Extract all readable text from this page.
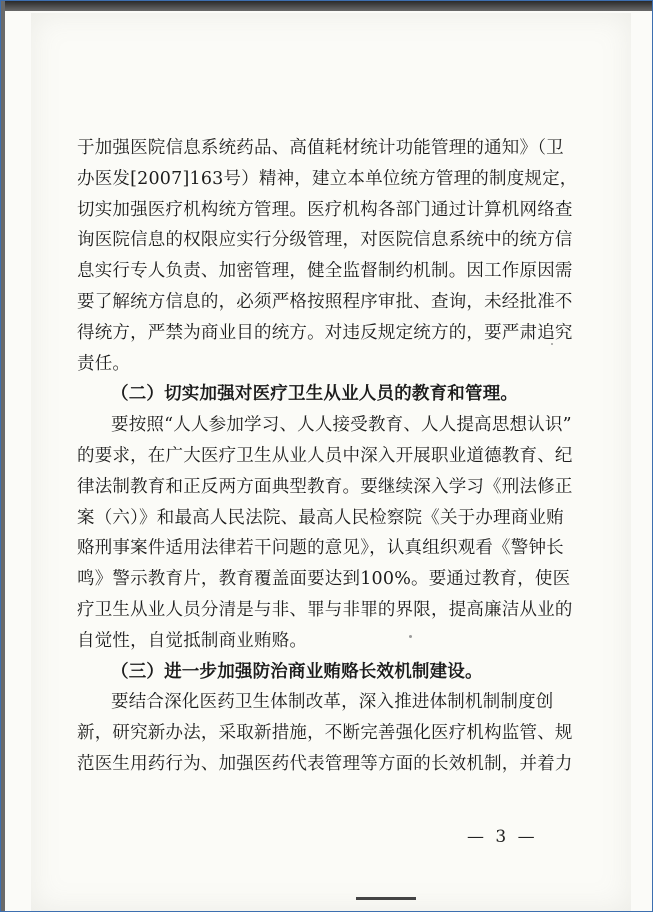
于加强医院信息系统药品、高值耗材统计功能管理的通知》（卫
办医发[2007]163号）精神，建立本单位统方管理的制度规定，
切实加强医疗机构统方管理。医疗机构各部门通过计算机网络查
询医院信息的权限应实行分级管理，对医院信息系统中的统方信
息实行专人负责、加密管理，健全监督制约机制。因工作原因需
要了解统方信息的，必须严格按照程序审批、查询，未经批准不
得统方，严禁为商业目的统方。对违反规定统方的，要严肃追究
责任。
（二）切实加强对医疗卫生从业人员的教育和管理。
要按照“人人参加学习、人人接受教育、人人提高思想认识”
的要求，在广大医疗卫生从业人员中深入开展职业道德教育、纪
律法制教育和正反两方面典型教育。要继续深入学习《刑法修正
案（六）》和最高人民法院、最高人民检察院《关于办理商业贿
赂刑事案件适用法律若干问题的意见》，认真组织观看《警钟长
鸣》警示教育片，教育覆盖面要达到100%。要通过教育，使医
疗卫生从业人员分清是与非、罪与非罪的界限，提高廉洁从业的
自觉性，自觉抵制商业贿赂。
（三）进一步加强防治商业贿赂长效机制建设。
要结合深化医药卫生体制改革，深入推进体制机制制度创
新，研究新办法，采取新措施，不断完善强化医疗机构监管、规
范医生用药行为、加强医药代表管理等方面的长效机制，并着力
— 3 —
